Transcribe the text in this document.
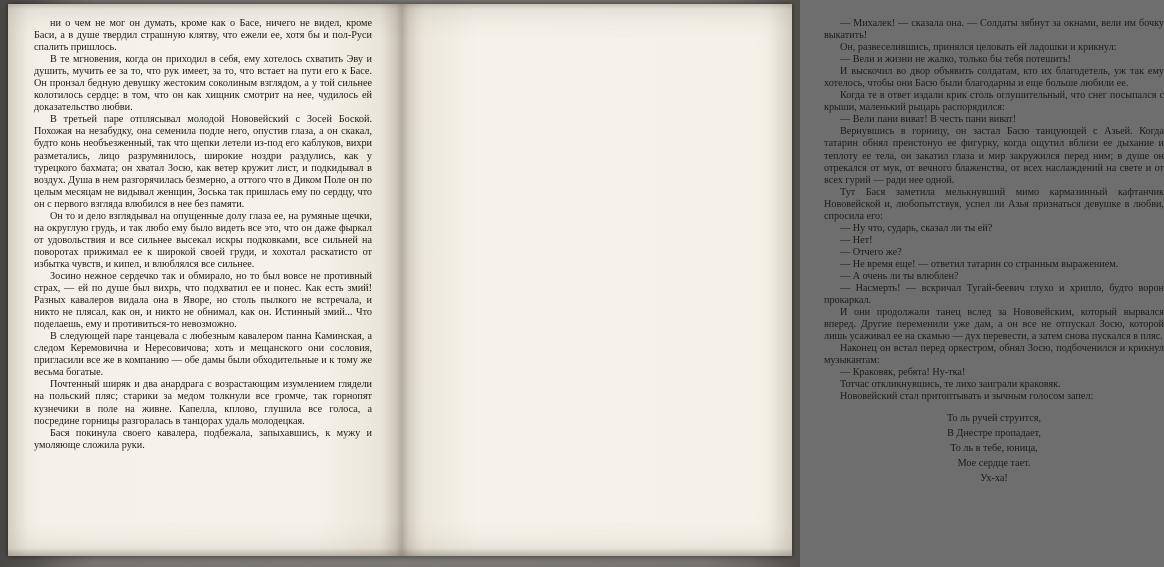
ни о чем не мог он думать, кроме как о Басе, ничего не видел, кроме Баси, а в душе твердил страшную клятву, что ежели ее, хотя бы и пол-Руси спалить пришлось.

В те мгновения, когда он приходил в себя, ему хотелось схватить Эву и душить, мучить ее за то, что рук имеет, за то, что встает на пути его к Басе. Он пронзал бедную девушку жестоким соколиным взглядом, а у той сильнее колотилось сердце: в том, что он как хищник смотрит на нее, чудилось ей доказательство любви.

В третьей паре отплясывал молодой Нововейский с Зосей Боской. Похожая на незабудку, она семенила подле него, опустив глаза, а он скакал, будто конь необъезженный, так что щепки летели из-под его каблуков, вихри разметались, лицо разрумянилось, широкие ноздри раздулись, как у турецкого бахмата; он хватал Зосю, как ветер кружит лист, и подкидывал в воздух. Душа в нем разгорячилась безмерно, а оттого что в Диком Поле он по целым месяцам не видывал женщин, Зоська так пришлась ему по сердцу, что он с первого взгляда влюбился в нее без памяти.

Он то и дело взглядывал на опущенные долу глаза ее, на румяные щечки, на округлую грудь, и так любо ему было видеть все это, что он даже фыркал от удовольствия и все сильнее высекал искры подковками, все сильней на поворотах прижимал ее к широкой своей груди, и хохотал раскатисто от избытка чувств, и кипел, и влюблялся все сильнее.

Зосино нежное сердечко так и обмирало, но то был вовсе не противный страх, — ей по душе был вихрь, что подхватил ее и понес. Как есть змий! Разных кавалеров видала она в Яворе, но столь пылкого не встречала, и никто не плясал, как он, и никто не обнимал, как он. Истинный змий... Что поделаешь, ему и противиться-то невозможно.

В следующей паре танцевала с любезным кавалером панна Каминская, а следом Керемовична и Нересовичова; хоть и мещанского они сословия, пригласили все же в компанию — обе дамы были обходительные и к тому же весьма богатые.

Почтенный ширяк и два анардрага с возрастающим изумлением глядели на польский пляс; старики за медом толкнули все громче, так горнопят кузнечики в поле на живне. Капелла, кплово, глушила все голоса, а посредине горницы разгоралась в танцорах удаль молодецкая.

Бася покинула своего кавалера, подбежала, запыхавшись, к мужу и умоляюще сложила руки.

— Михалек! — сказала она. — Солдаты зябнут за окнами, вели им бочку выкатить!

Он, развеселившись, принялся целовать ей ладошки и крикнул:

— Вели и жизни не жалко, только бы тебя потешить!

И выскочил во двор объявить солдатам, кто их благодетель, уж так ему хотелось, чтобы они Басю были благодарны и еще больше любили ее.

Когда те в ответ издали крик столь оглушительный, что снег посыпался с крыши, маленький рыцарь распорядился:

— Вели пани виват! В честь пани виват!

Вернувшись в горницу, он застал Басю танцующей с Азьей. Когда татарин обнял преистонуо ее фигурку, когда ощутил вблизи ее дыхание и теплоту ее тела, он закатил глаза и мир закружился перед ним; в душе он отрекался от мук, от вечного блаженства, от всех наслаждений на свете и от всех гурий — ради нее одной.

Тут Бася заметила мелькнувший мимо кармазинный кафтанчик Нововейской и, любопытствуя, успел ли Азья признаться девушке в любви, спросила его:

— Ну что, сударь, сказал ли ты ей?

— Нет!

— Отчего же?

— Не время еще! — ответил татарин со странным выражением.

— А очень ли ты влюблен?

— Насмерть! — вскричал Тугай-беевич глухо и хрипло, будто ворон прокаркал.

И они продолжали танец вслед за Нововейским, который вырвался вперед. Другие переменили уже дам, а он все не отпускал Зосю, которой лишь усаживал ее на скамью — дух перевести, а затем снова пускался в пляс.

Наконец он встал перед оркестром, обнял Зосю, подбоченился и крикнул музыкантам:

— Краковяк, ребята! Ну-тка!

Тотчас откликнувшись, те лихо заиграли краковяк.

Нововейский стал притоптывать и зычным голосом запел:

То ль ручей струится,

В Днестре пропадает,

То ль в тебе, юница,

Мое сердце тает.

Ух-ха!
